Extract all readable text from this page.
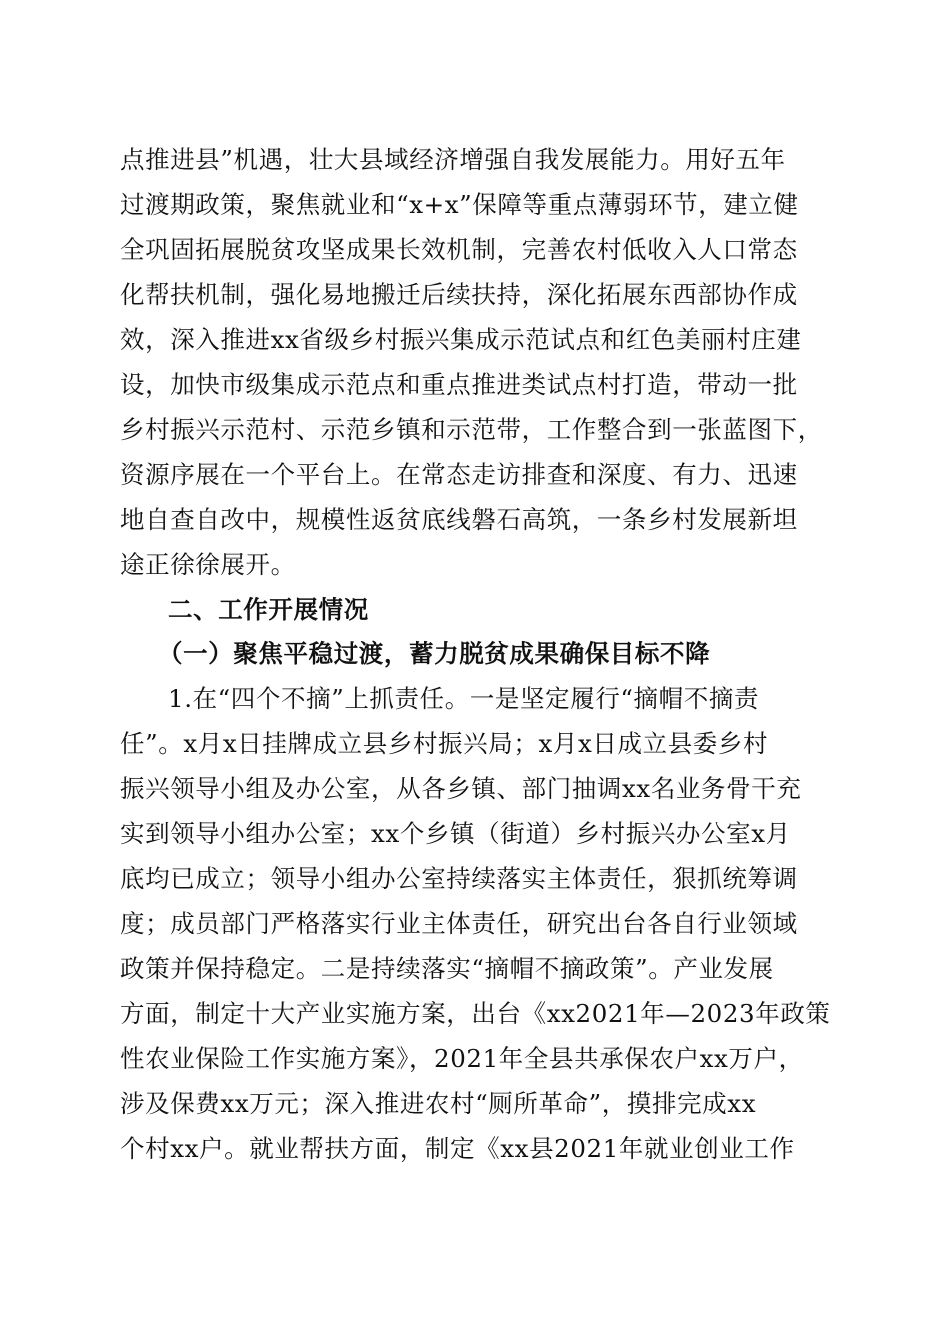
点推进县”机遇，壮大县域经济增强自我发展能力。用好五年
过渡期政策，聚焦就业和“x+x”保障等重点薄弱环节，建立健
全巩固拓展脱贫攻坚成果长效机制，完善农村低收入人口常态
化帮扶机制，强化易地搬迁后续扶持，深化拓展东西部协作成
效，深入推进xx省级乡村振兴集成示范试点和红色美丽村庄建
设，加快市级集成示范点和重点推进类试点村打造，带动一批
乡村振兴示范村、示范乡镇和示范带，工作整合到一张蓝图下，
资源序展在一个平台上。在常态走访排查和深度、有力、迅速
地自查自改中，规模性返贫底线磐石高筑，一条乡村发展新坦
途正徐徐展开。
二、工作开展情况
（一）聚焦平稳过渡，蓄力脱贫成果确保目标不降
1.在“四个不摘”上抓责任。一是坚定履行“摘帽不摘责
任”。x月x日挂牌成立县乡村振兴局；x月x日成立县委乡村
振兴领导小组及办公室，从各乡镇、部门抽调xx名业务骨干充
实到领导小组办公室；xx个乡镇（街道）乡村振兴办公室x月
底均已成立；领导小组办公室持续落实主体责任，狠抓统筹调
度；成员部门严格落实行业主体责任，研究出台各自行业领域
政策并保持稳定。二是持续落实“摘帽不摘政策”。产业发展
方面，制定十大产业实施方案，出台《xx2021年—2023年政策
性农业保险工作实施方案》，2021年全县共承保农户xx万户，
涉及保费xx万元；深入推进农村“厕所革命”，摸排完成xx
个村xx户。就业帮扶方面，制定《xx县2021年就业创业工作
